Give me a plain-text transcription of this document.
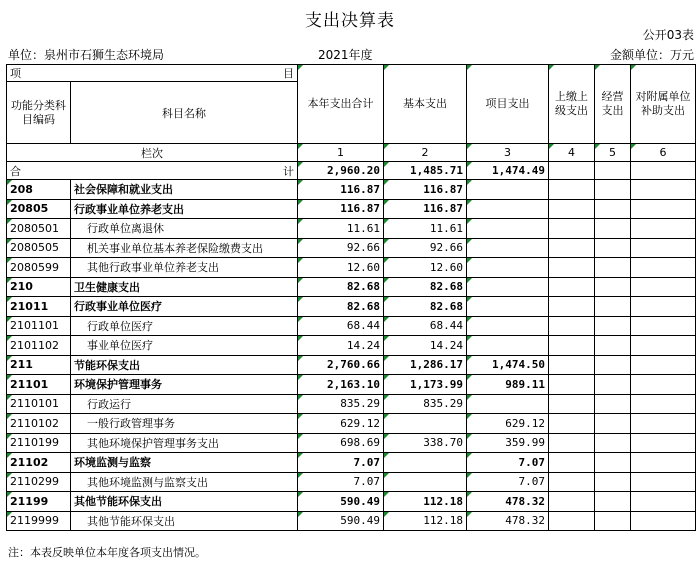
支出决算表
公开03表
单位：泉州市石狮生态环境局	2021年度	金额单位：万元
项 目		本年支出合计	基本支出	项目支出	上缴上级支出	经营支出	对附属单位补助支出
功能分类科目编码	科目名称						
栏次		1	2	3	4	5	6

合 计		2,960.20	1,485.71	1,474.49			
208	社会保障和就业支出	116.87	116.87				
20805	行政事业单位养老支出	116.87	116.87				
2080501	行政单位离退休	11.61	11.61				
2080505	机关事业单位基本养老保险缴费支出	92.66	92.66				
2080599	其他行政事业单位养老支出	12.60	12.60				
210	卫生健康支出	82.68	82.68				
21011	行政事业单位医疗	82.68	82.68				
2101101	行政单位医疗	68.44	68.44				
2101102	事业单位医疗	14.24	14.24				
211	节能环保支出	2,760.66	1,286.17	1,474.50			
21101	环境保护管理事务	2,163.10	1,173.99	989.11			
2110101	行政运行	835.29	835.29				
2110102	一般行政管理事务	629.12		629.12			
2110199	其他环境保护管理事务支出	698.69	338.70	359.99			
21102	环境监测与监察	7.07		7.07			
2110299	其他环境监测与监察支出	7.07		7.07			
21199	其他节能环保支出	590.49	112.18	478.32			
2119999	其他节能环保支出	590.49	112.18	478.32			
注：本表反映单位本年度各项支出情况。
